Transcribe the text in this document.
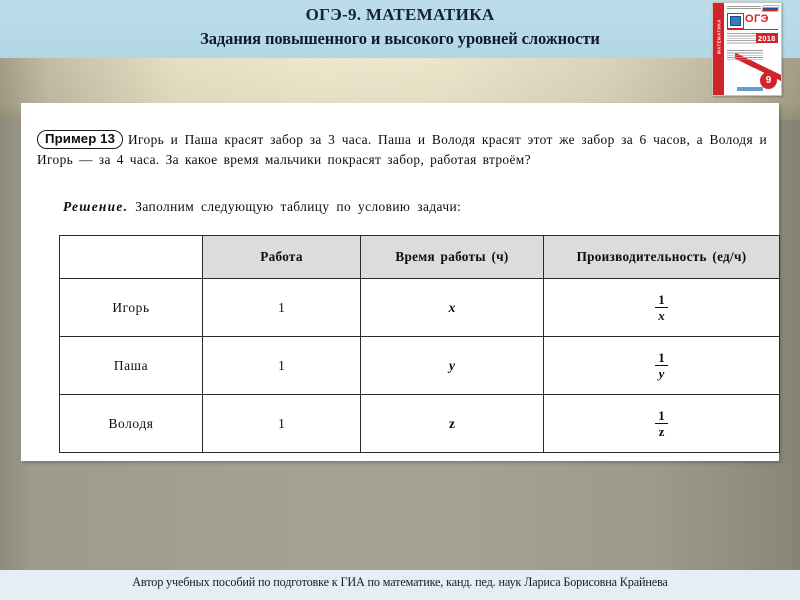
ОГЭ-9. МАТЕМАТИКА
Задания повышенного и высокого уровней сложности	МАТЕМАТИКА
ОГЭ
2018
9

Пример 13 Игорь и Паша красят забор за 3 часа. Паша и Володя красят этот же забор за 6 часов, а Володя и Игорь — за 4 часа. За какое время мальчики покрасят забор, работая втроём?

Решение. Заполним следующую таблицу по условию задачи:
	Работа	Время работы (ч)	Производительность (ед/ч)
Игорь	1	x	$\frac{1}{x}$

Паша	1	y	$\frac{1}{y}$

Володя	1	z	$\frac{1}{z}$
Автор учебных пособий по подготовке к ГИА по математике, канд. пед. наук Лариса Борисовна Крайнева
